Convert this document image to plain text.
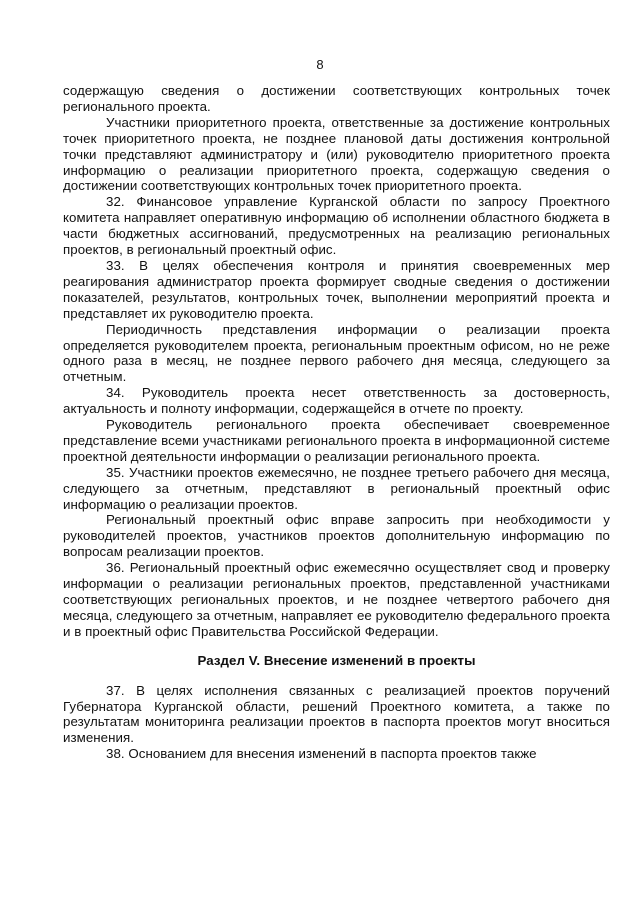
8

содержащую сведения о достижении соответствующих контрольных точек регионального проекта.

Участники приоритетного проекта, ответственные за достижение контрольных точек приоритетного проекта, не позднее плановой даты достижения контрольной точки представляют администратору и (или) руководителю приоритетного проекта информацию о реализации приоритетного проекта, содержащую сведения о достижении соответствующих контрольных точек приоритетного проекта.

32. Финансовое управление Курганской области по запросу Проектного комитета направляет оперативную информацию об исполнении областного бюджета в части бюджетных ассигнований, предусмотренных на реализацию региональных проектов, в региональный проектный офис.

33. В целях обеспечения контроля и принятия своевременных мер реагирования администратор проекта формирует сводные сведения о достижении показателей, результатов, контрольных точек, выполнении мероприятий проекта и представляет их руководителю проекта.

Периодичность представления информации о реализации проекта определяется руководителем проекта, региональным проектным офисом, но не реже одного раза в месяц, не позднее первого рабочего дня месяца, следующего за отчетным.

34. Руководитель проекта несет ответственность за достоверность, актуальность и полноту информации, содержащейся в отчете по проекту.

Руководитель регионального проекта обеспечивает своевременное представление всеми участниками регионального проекта в информационной системе проектной деятельности информации о реализации регионального проекта.

35. Участники проектов ежемесячно, не позднее третьего рабочего дня месяца, следующего за отчетным, представляют в региональный проектный офис информацию о реализации проектов.

Региональный проектный офис вправе запросить при необходимости у руководителей проектов, участников проектов дополнительную информацию по вопросам реализации проектов.

36. Региональный проектный офис ежемесячно осуществляет свод и проверку информации о реализации региональных проектов, представленной участниками соответствующих региональных проектов, и не позднее четвертого рабочего дня месяца, следующего за отчетным, направляет ее руководителю федерального проекта и в проектный офис Правительства Российской Федерации.

Раздел V. Внесение изменений в проекты

37. В целях исполнения связанных с реализацией проектов поручений Губернатора Курганской области, решений Проектного комитета, а также по результатам мониторинга реализации проектов в паспорта проектов могут вноситься изменения.

38. Основанием для внесения изменений в паспорта проектов также
